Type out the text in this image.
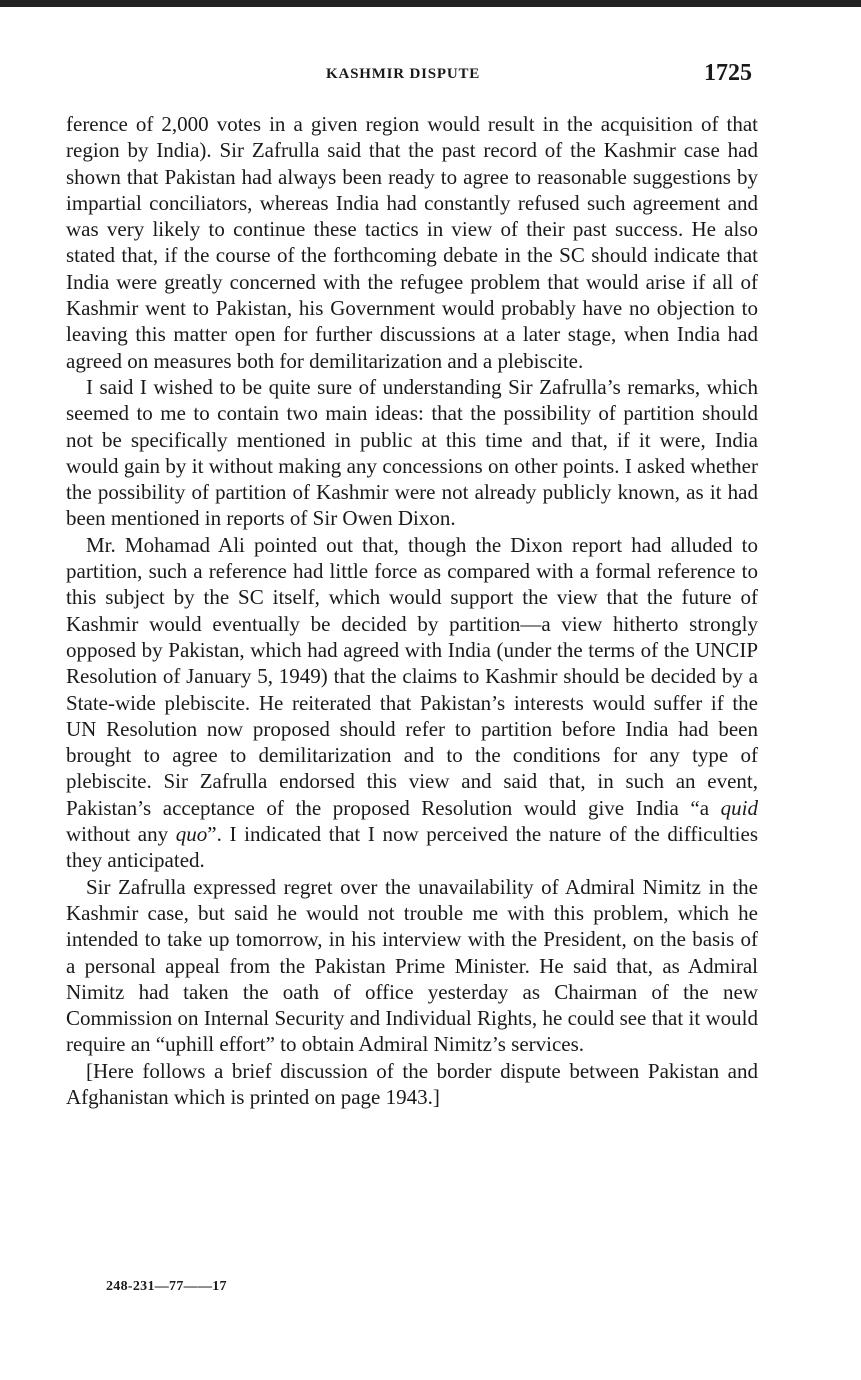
KASHMIR DISPUTE	1725

ference of 2,000 votes in a given region would result in the acquisition of that region by India). Sir Zafrulla said that the past record of the Kashmir case had shown that Pakistan had always been ready to agree to reasonable suggestions by impartial conciliators, whereas India had constantly refused such agreement and was very likely to continue these tactics in view of their past success. He also stated that, if the course of the forthcoming debate in the SC should indicate that India were greatly concerned with the refugee problem that would arise if all of Kashmir went to Pakistan, his Government would probably have no objection to leaving this matter open for further discussions at a later stage, when India had agreed on measures both for demilitarization and a plebiscite.

I said I wished to be quite sure of understanding Sir Zafrulla’s remarks, which seemed to me to contain two main ideas: that the possibility of partition should not be specifically mentioned in public at this time and that, if it were, India would gain by it without making any concessions on other points. I asked whether the possibility of partition of Kashmir were not already publicly known, as it had been mentioned in reports of Sir Owen Dixon.

Mr. Mohamad Ali pointed out that, though the Dixon report had alluded to partition, such a reference had little force as compared with a formal reference to this subject by the SC itself, which would support the view that the future of Kashmir would eventually be decided by partition—a view hitherto strongly opposed by Pakistan, which had agreed with India (under the terms of the UNCIP Resolution of January 5, 1949) that the claims to Kashmir should be decided by a State-wide plebiscite. He reiterated that Pakistan’s interests would suffer if the UN Resolution now proposed should refer to partition before India had been brought to agree to demilitarization and to the conditions for any type of plebiscite. Sir Zafrulla endorsed this view and said that, in such an event, Pakistan’s acceptance of the proposed Resolution would give India “a quid without any quo”. I indicated that I now perceived the nature of the difficulties they anticipated.

Sir Zafrulla expressed regret over the unavailability of Admiral Nimitz in the Kashmir case, but said he would not trouble me with this problem, which he intended to take up tomorrow, in his interview with the President, on the basis of a personal appeal from the Pakistan Prime Minister. He said that, as Admiral Nimitz had taken the oath of office yesterday as Chairman of the new Commission on Internal Security and Individual Rights, he could see that it would require an “uphill effort” to obtain Admiral Nimitz’s services.

[Here follows a brief discussion of the border dispute between Pakistan and Afghanistan which is printed on page 1943.]

248-231—77——17
